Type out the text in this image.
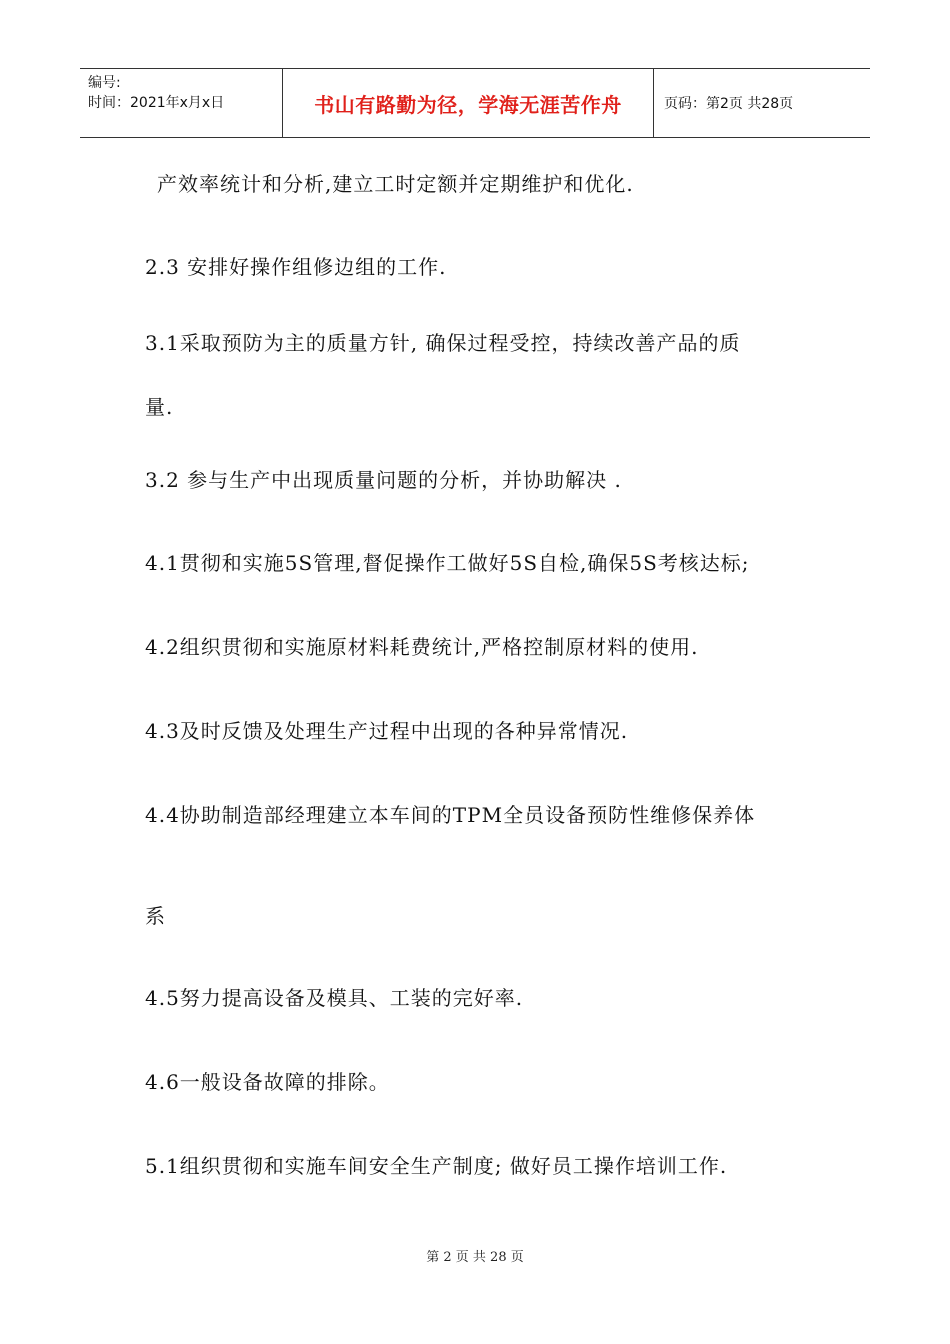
编号:
时间：2021年x月x日	书山有路勤为径，学海无涯苦作舟	页码：第2页 共28页
产效率统计和分析,建立工时定额并定期维护和优化.
2.3 安排好操作组修边组的工作.
3.1采取预防为主的质量方针, 确保过程受控，持续改善产品的质
量.
3.2 参与生产中出现质量问题的分析，并协助解决 .
4.1贯彻和实施5S管理,督促操作工做好5S自检,确保5S考核达标;
4.2组织贯彻和实施原材料耗费统计,严格控制原材料的使用.
4.3及时反馈及处理生产过程中出现的各种异常情况.
4.4协助制造部经理建立本车间的TPM全员设备预防性维修保养体
系
4.5努力提高设备及模具、工装的完好率.
4.6一般设备故障的排除。
5.1组织贯彻和实施车间安全生产制度; 做好员工操作培训工作.
第 2 页 共 28 页
